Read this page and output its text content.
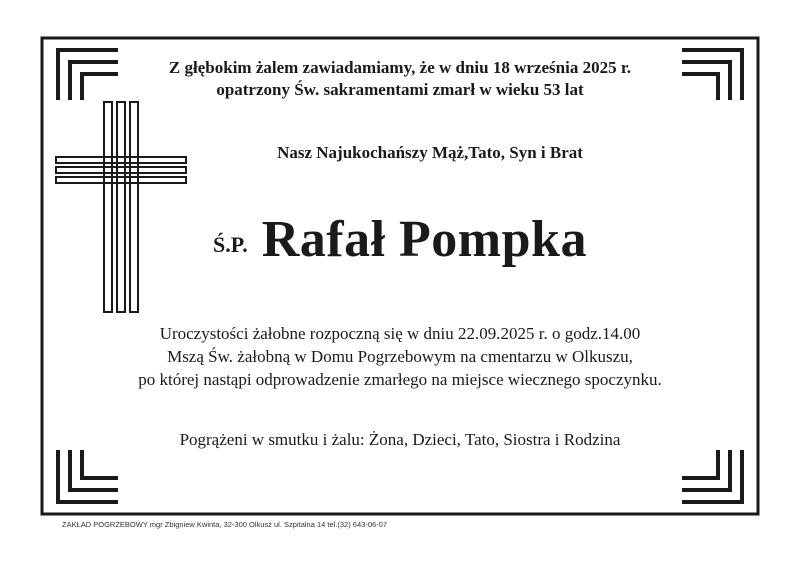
Z głębokim żalem zawiadamiamy, że w dniu 18 września 2025 r.
opatrzony Św. sakramentami zmarł w wieku 53 lat
Nasz Najukochańszy Mąż,Tato, Syn i Brat
Ś.P. Rafał Pompka
Uroczystości żałobne rozpoczną się w dniu 22.09.2025 r. o godz.14.00
Mszą Św. żałobną w Domu Pogrzebowym na cmentarzu w Olkuszu,
po której nastąpi odprowadzenie zmarłego na miejsce wiecznego spoczynku.
Pogrążeni w smutku i żalu: Żona, Dzieci, Tato, Siostra i Rodzina
ZAKŁAD POGRZEBOWY mgr Zbigniew Kwinta, 32-300 Olkusz ul. Szpitalna 14 tel.(32) 643-06-07
